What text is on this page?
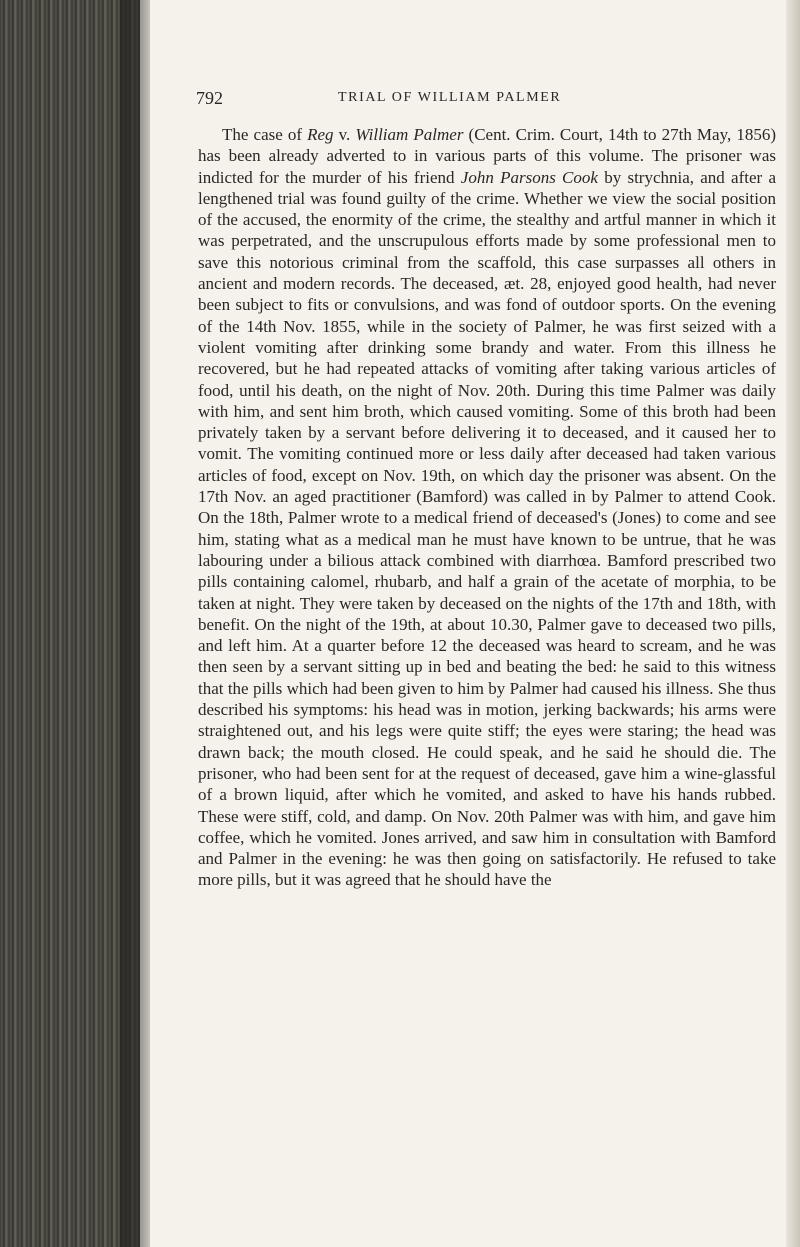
792	TRIAL OF WILLIAM PALMER

The case of Reg v. William Palmer (Cent. Crim. Court, 14th to 27th May, 1856) has been already adverted to in various parts of this volume. The prisoner was indicted for the murder of his friend John Parsons Cook by strychnia, and after a lengthened trial was found guilty of the crime. Whether we view the social position of the accused, the enormity of the crime, the stealthy and artful manner in which it was perpetrated, and the unscrupulous efforts made by some professional men to save this notorious criminal from the scaffold, this case surpasses all others in ancient and modern records. The deceased, æt. 28, enjoyed good health, had never been subject to fits or convulsions, and was fond of outdoor sports. On the evening of the 14th Nov. 1855, while in the society of Palmer, he was first seized with a violent vomiting after drinking some brandy and water. From this illness he recovered, but he had repeated attacks of vomiting after taking various articles of food, until his death, on the night of Nov. 20th. During this time Palmer was daily with him, and sent him broth, which caused vomiting. Some of this broth had been privately taken by a servant before delivering it to deceased, and it caused her to vomit. The vomiting continued more or less daily after deceased had taken various articles of food, except on Nov. 19th, on which day the prisoner was absent. On the 17th Nov. an aged practitioner (Bamford) was called in by Palmer to attend Cook. On the 18th, Palmer wrote to a medical friend of deceased's (Jones) to come and see him, stating what as a medical man he must have known to be untrue, that he was labouring under a bilious attack combined with diarrhœa. Bamford prescribed two pills containing calomel, rhubarb, and half a grain of the acetate of morphia, to be taken at night. They were taken by deceased on the nights of the 17th and 18th, with benefit. On the night of the 19th, at about 10.30, Palmer gave to deceased two pills, and left him. At a quarter before 12 the deceased was heard to scream, and he was then seen by a servant sitting up in bed and beating the bed: he said to this witness that the pills which had been given to him by Palmer had caused his illness. She thus described his symptoms: his head was in motion, jerking backwards; his arms were straightened out, and his legs were quite stiff; the eyes were staring; the head was drawn back; the mouth closed. He could speak, and he said he should die. The prisoner, who had been sent for at the request of deceased, gave him a wine-glassful of a brown liquid, after which he vomited, and asked to have his hands rubbed. These were stiff, cold, and damp. On Nov. 20th Palmer was with him, and gave him coffee, which he vomited. Jones arrived, and saw him in consultation with Bamford and Palmer in the evening: he was then going on satisfactorily. He refused to take more pills, but it was agreed that he should have the
